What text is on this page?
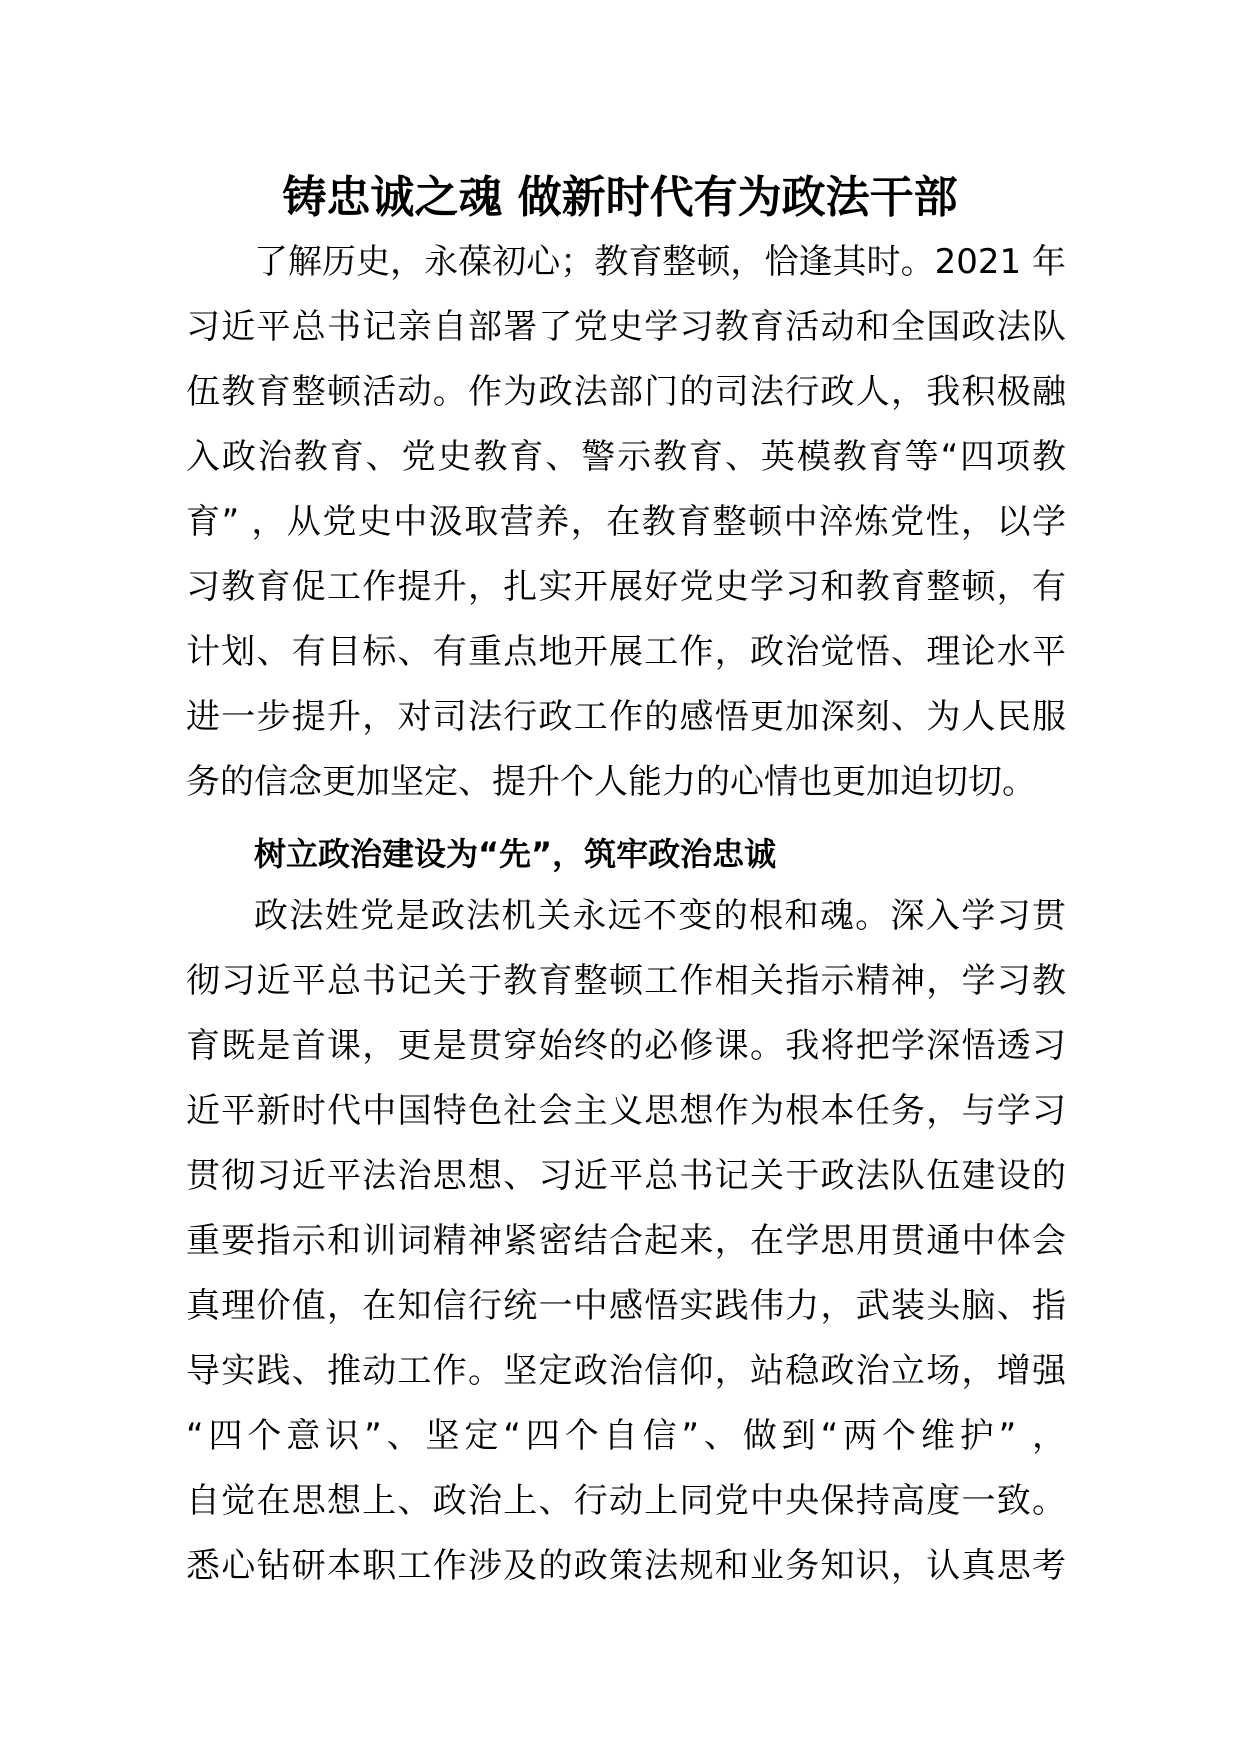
铸忠诚之魂 做新时代有为政法干部
了解历史，永葆初心；教育整顿，恰逢其时。2021 年
习近平总书记亲自部署了党史学习教育活动和全国政法队
伍教育整顿活动。作为政法部门的司法行政人，我积极融
入政治教育、党史教育、警示教育、英模教育等“四项教
育” ，从党史中汲取营养，在教育整顿中淬炼党性，以学
习教育促工作提升，扎实开展好党史学习和教育整顿，有
计划、有目标、有重点地开展工作，政治觉悟、理论水平
进一步提升，对司法行政工作的感悟更加深刻、为人民服
务的信念更加坚定、提升个人能力的心情也更加迫切切。
树立政治建设为“先”，筑牢政治忠诚
政法姓党是政法机关永远不变的根和魂。深入学习贯
彻习近平总书记关于教育整顿工作相关指示精神，学习教
育既是首课，更是贯穿始终的必修课。我将把学深悟透习
近平新时代中国特色社会主义思想作为根本任务，与学习
贯彻习近平法治思想、习近平总书记关于政法队伍建设的
重要指示和训词精神紧密结合起来，在学思用贯通中体会
真理价值，在知信行统一中感悟实践伟力，武装头脑、指
导实践、推动工作。坚定政治信仰，站稳政治立场，增强
“四个意识”、坚定“四个自信”、做到“两个维护” ，
自觉在思想上、政治上、行动上同党中央保持高度一致。
悉心钻研本职工作涉及的政策法规和业务知识，认真思考
